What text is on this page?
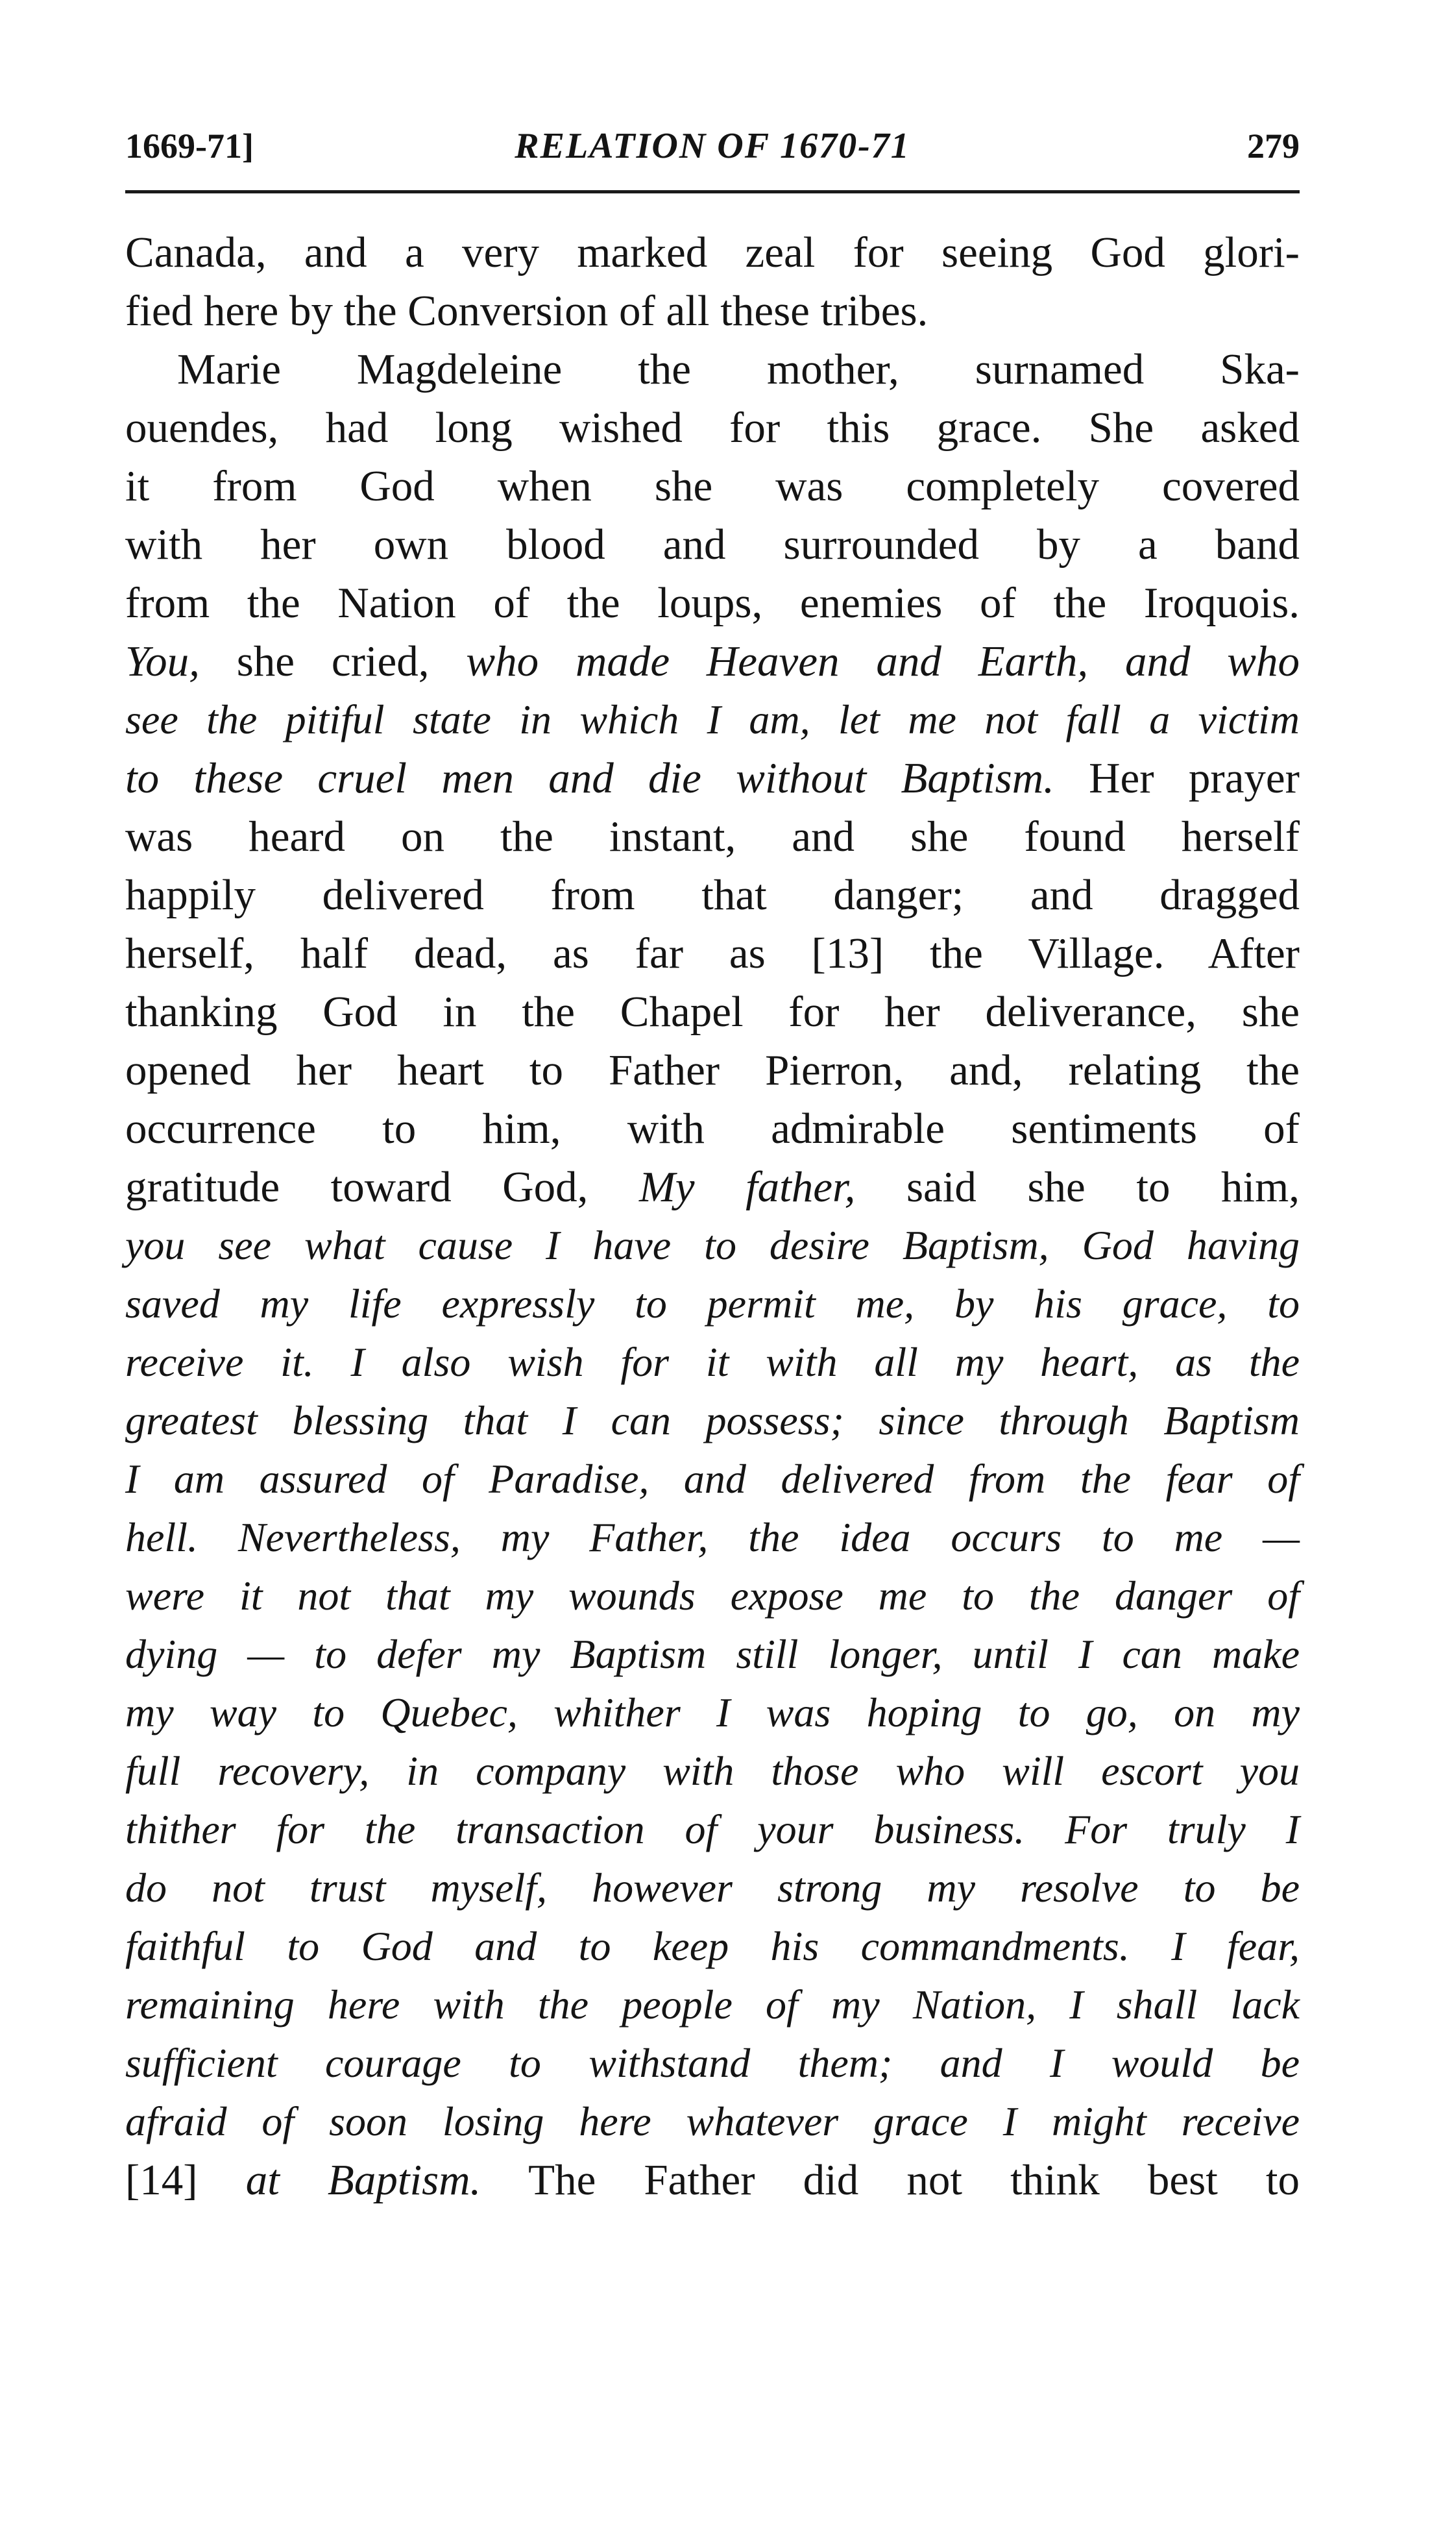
1669-71]	RELATION OF 1670-71	279
Canada, and a very marked zeal for seeing God glori-
fied here by the Conversion of all these tribes.
Marie Magdeleine the mother, surnamed Ska-
ouendes, had long wished for this grace. She asked
it from God when she was completely covered
with her own blood and surrounded by a band
from the Nation of the loups, enemies of the Iroquois.
You, she cried, who made Heaven and Earth, and who
see the pitiful state in which I am, let me not fall a victim
to these cruel men and die without Baptism. Her prayer
was heard on the instant, and she found herself
happily delivered from that danger; and dragged
herself, half dead, as far as [13] the Village. After
thanking God in the Chapel for her deliverance, she
opened her heart to Father Pierron, and, relating the
occurrence to him, with admirable sentiments of
gratitude toward God, My father, said she to him,
you see what cause I have to desire Baptism, God having
saved my life expressly to permit me, by his grace, to
receive it. I also wish for it with all my heart, as the
greatest blessing that I can possess; since through Baptism
I am assured of Paradise, and delivered from the fear of
hell. Nevertheless, my Father, the idea occurs to me —
were it not that my wounds expose me to the danger of
dying — to defer my Baptism still longer, until I can make
my way to Quebec, whither I was hoping to go, on my
full recovery, in company with those who will escort you
thither for the transaction of your business. For truly I
do not trust myself, however strong my resolve to be
faithful to God and to keep his commandments. I fear,
remaining here with the people of my Nation, I shall lack
sufficient courage to withstand them; and I would be
afraid of soon losing here whatever grace I might receive
[14] at Baptism. The Father did not think best to
